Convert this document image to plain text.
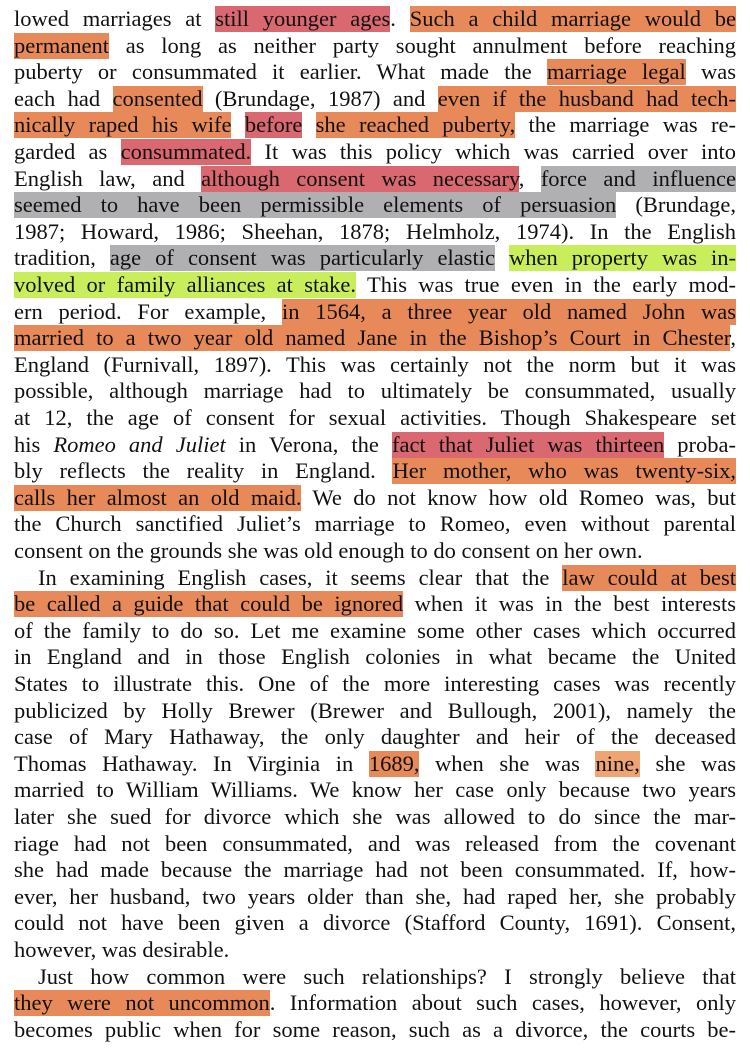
lowed marriages at still younger ages. Such a child marriage would be
permanent as long as neither party sought annulment before reaching
puberty or consummated it earlier. What made the marriage legal was
each had consented (Brundage, 1987) and even if the husband had tech-
nically raped his wife before she reached puberty, the marriage was re-
garded as consummated. It was this policy which was carried over into
English law, and although consent was necessary, force and influence
seemed to have been permissible elements of persuasion (Brundage,
1987; Howard, 1986; Sheehan, 1878; Helmholz, 1974). In the English
tradition, age of consent was particularly elastic when property was in-
volved or family alliances at stake. This was true even in the early mod-
ern period. For example, in 1564, a three year old named John was
married to a two year old named Jane in the Bishop’s Court in Chester,
England (Furnivall, 1897). This was certainly not the norm but it was
possible, although marriage had to ultimately be consummated, usually
at 12, the age of consent for sexual activities. Though Shakespeare set
his Romeo and Juliet in Verona, the fact that Juliet was thirteen proba-
bly reflects the reality in England. Her mother, who was twenty-six,
calls her almost an old maid. We do not know how old Romeo was, but
the Church sanctified Juliet’s marriage to Romeo, even without parental
consent on the grounds she was old enough to do consent on her own.
In examining English cases, it seems clear that the law could at best
be called a guide that could be ignored when it was in the best interests
of the family to do so. Let me examine some other cases which occurred
in England and in those English colonies in what became the United
States to illustrate this. One of the more interesting cases was recently
publicized by Holly Brewer (Brewer and Bullough, 2001), namely the
case of Mary Hathaway, the only daughter and heir of the deceased
Thomas Hathaway. In Virginia in 1689, when she was nine, she was
married to William Williams. We know her case only because two years
later she sued for divorce which she was allowed to do since the mar-
riage had not been consummated, and was released from the covenant
she had made because the marriage had not been consummated. If, how-
ever, her husband, two years older than she, had raped her, she probably
could not have been given a divorce (Stafford County, 1691). Consent,
however, was desirable.
Just how common were such relationships? I strongly believe that
they were not uncommon. Information about such cases, however, only
becomes public when for some reason, such as a divorce, the courts be-
